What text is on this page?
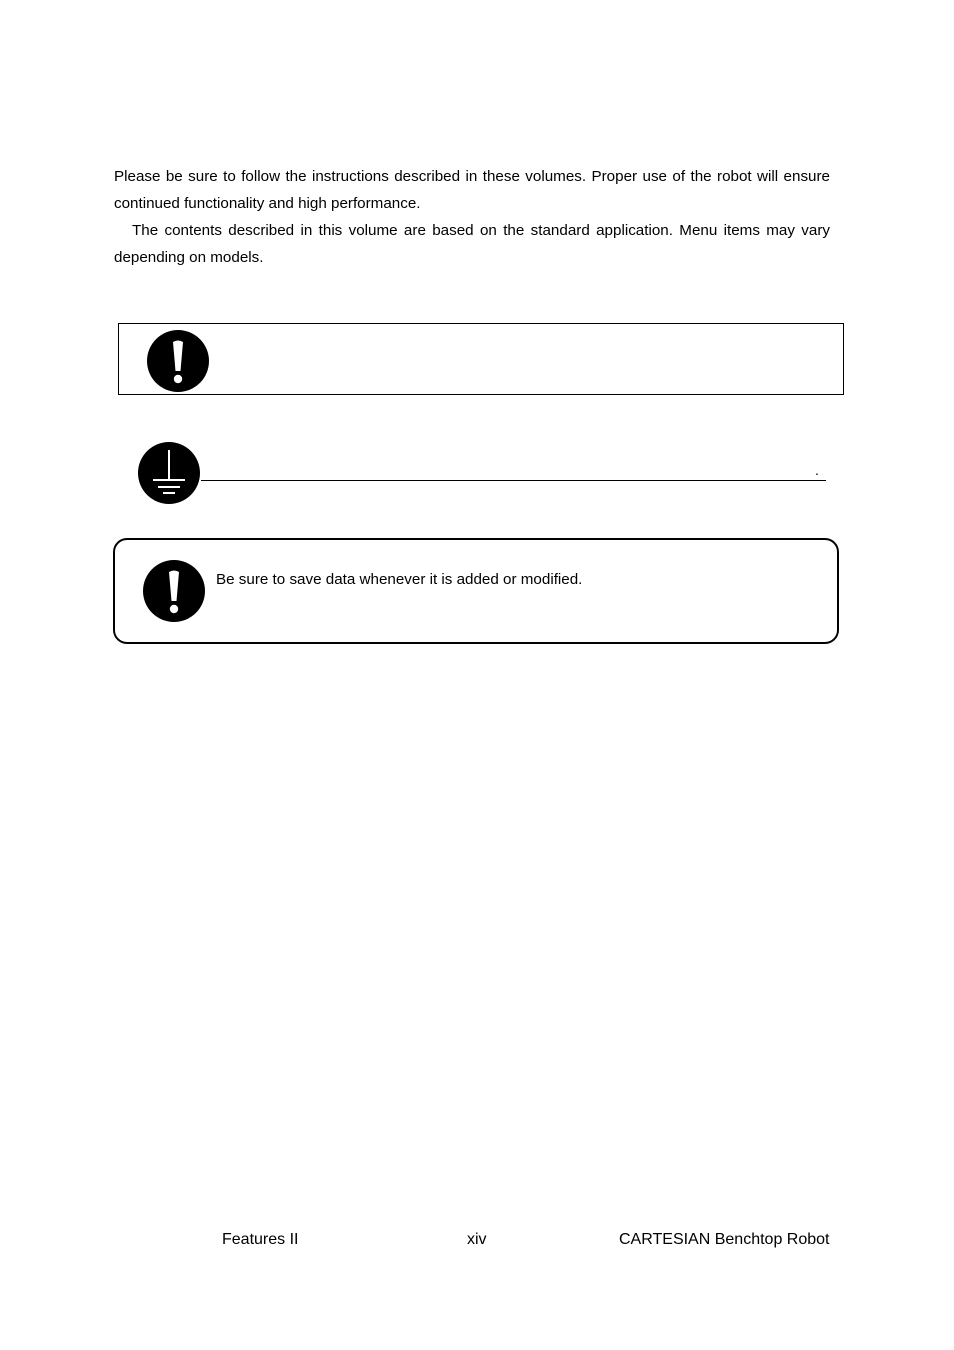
Please be sure to follow the instructions described in these volumes. Proper use of the robot will ensure continued functionality and high performance.

The contents described in this volume are based on the standard application. Menu items may vary depending on models.

.
Be sure to save data whenever it is added or modified.
Features II	xiv	CARTESIAN Benchtop Robot
